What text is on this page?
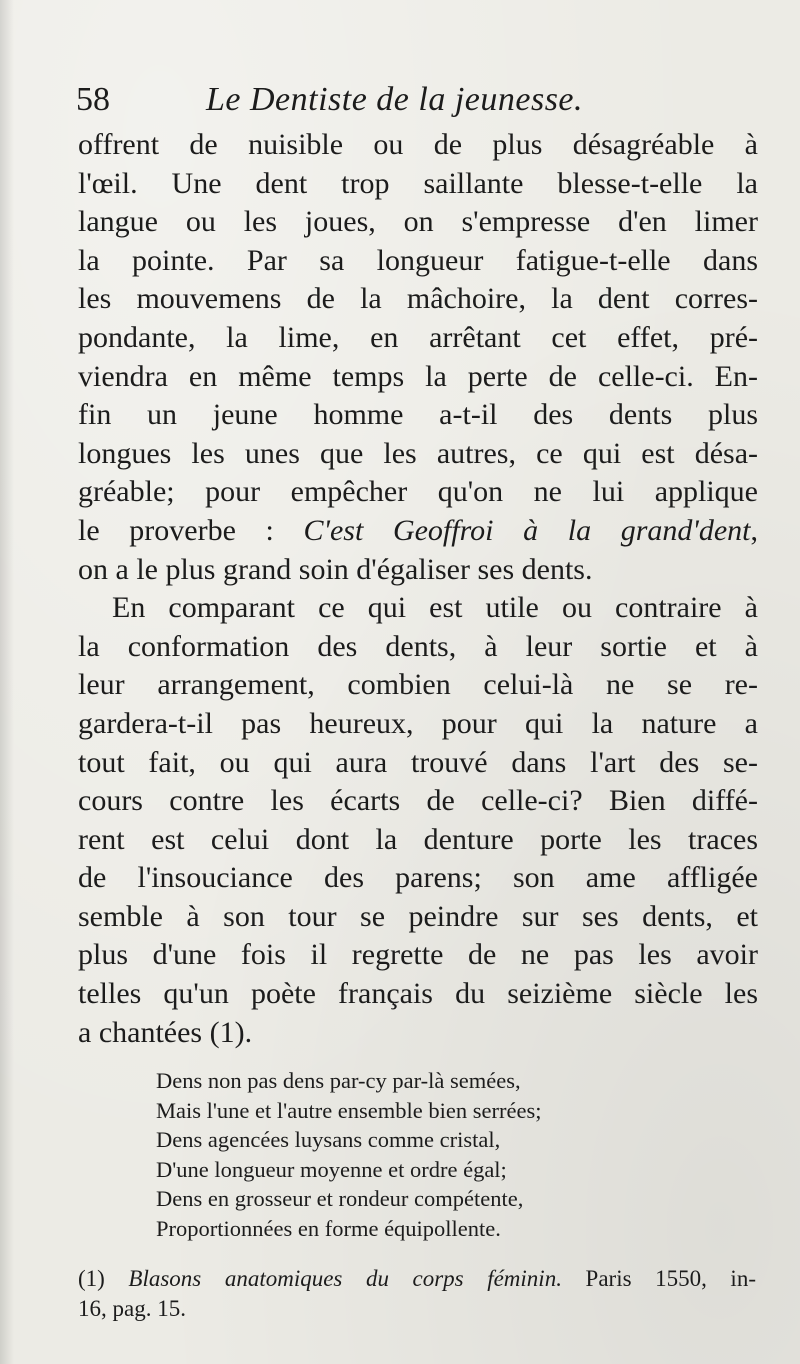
58	Le Dentiste de la jeunesse.
offrent de nuisible ou de plus désagréable à
l'œil. Une dent trop saillante blesse-t-elle la
langue ou les joues, on s'empresse d'en limer
la pointe. Par sa longueur fatigue-t-elle dans
les mouvemens de la mâchoire, la dent corres-
pondante, la lime, en arrêtant cet effet, pré-
viendra en même temps la perte de celle-ci. En-
fin un jeune homme a-t-il des dents plus
longues les unes que les autres, ce qui est désa-
gréable; pour empêcher qu'on ne lui applique
le proverbe : C'est Geoffroi à la grand'dent,
on a le plus grand soin d'égaliser ses dents.
En comparant ce qui est utile ou contraire à
la conformation des dents, à leur sortie et à
leur arrangement, combien celui-là ne se re-
gardera-t-il pas heureux, pour qui la nature a
tout fait, ou qui aura trouvé dans l'art des se-
cours contre les écarts de celle-ci? Bien diffé-
rent est celui dont la denture porte les traces
de l'insouciance des parens; son ame affligée
semble à son tour se peindre sur ses dents, et
plus d'une fois il regrette de ne pas les avoir
telles qu'un poète français du seizième siècle les
a chantées (1).
Dens non pas dens par-cy par-là semées,
Mais l'une et l'autre ensemble bien serrées;
Dens agencées luysans comme cristal,
D'une longueur moyenne et ordre égal;
Dens en grosseur et rondeur compétente,
Proportionnées en forme équipollente.
(1) Blasons anatomiques du corps féminin. Paris 1550, in-
16, pag. 15.
